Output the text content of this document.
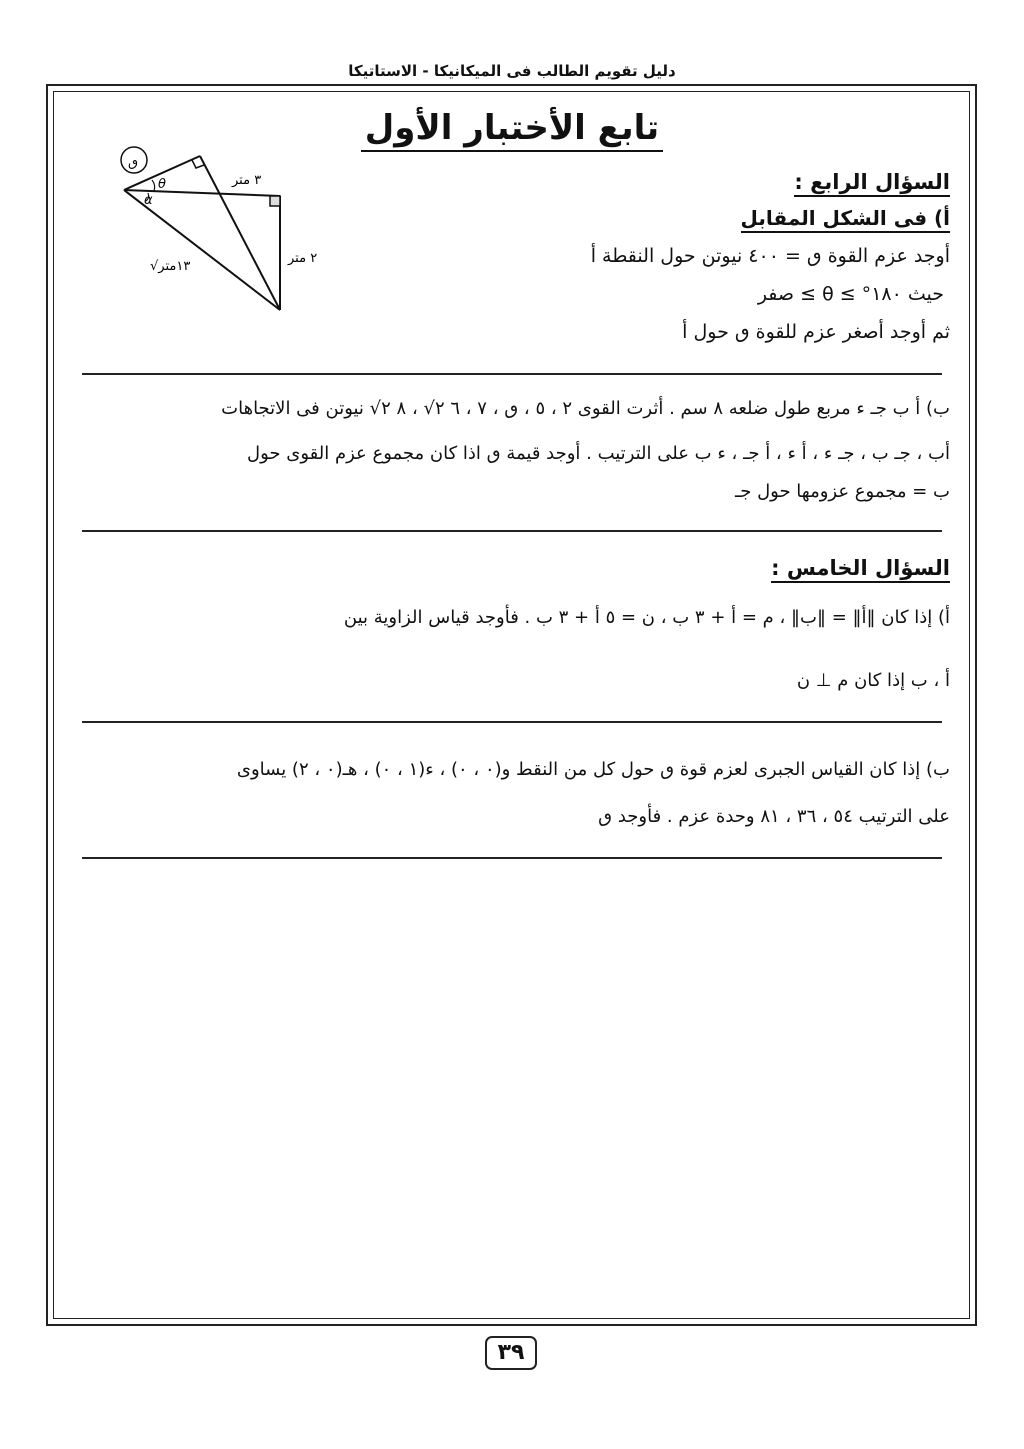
دليل تقويم الطالب فى الميكانيكا - الاستاتيكا
تابع الأختبار الأول
ٯ
θ
α
٣ متر
٢ متر
√١٣متر
السؤال الرابع :
أ) فى الشكل المقابل
أوجد عزم القوة ٯ = ٤٠٠ نيوتن حول النقطة أ
حيث ١٨٠° ≥ θ ≥ صفر
ثم أوجد أصغر عزم للقوة ٯ حول أ
ب) أ ب جـ ء مربع طول ضلعه ٨ سم . أثرت القوى ٢ ، ٥ ، ٯ ، ٧ ، ٦ ٢√ ، ٨ ٢√ نيوتن فى الاتجاهات
أب ، جـ ب ، جـ ء ، أ ء ، أ جـ ، ء ب على الترتيب . أوجد قيمة ٯ اذا كان مجموع عزم القوى حول
ب = مجموع عزومها حول جـ
السؤال الخامس :
أ) إذا كان ‖أ‖ = ‖ب‖ ، م = أ + ٣ ب ، ن = ٥ أ + ٣ ب . فأوجد قياس الزاوية بين
أ ، ب إذا كان م ⊥ ن
ب) إذا كان القياس الجبرى لعزم قوة ٯ حول كل من النقط و(٠ ، ٠) ، ء(١ ، ٠) ، هـ(٠ ، ٢) يساوى
على الترتيب ٥٤ ، ٣٦ ، ٨١ وحدة عزم . فأوجد ٯ
٣٩
